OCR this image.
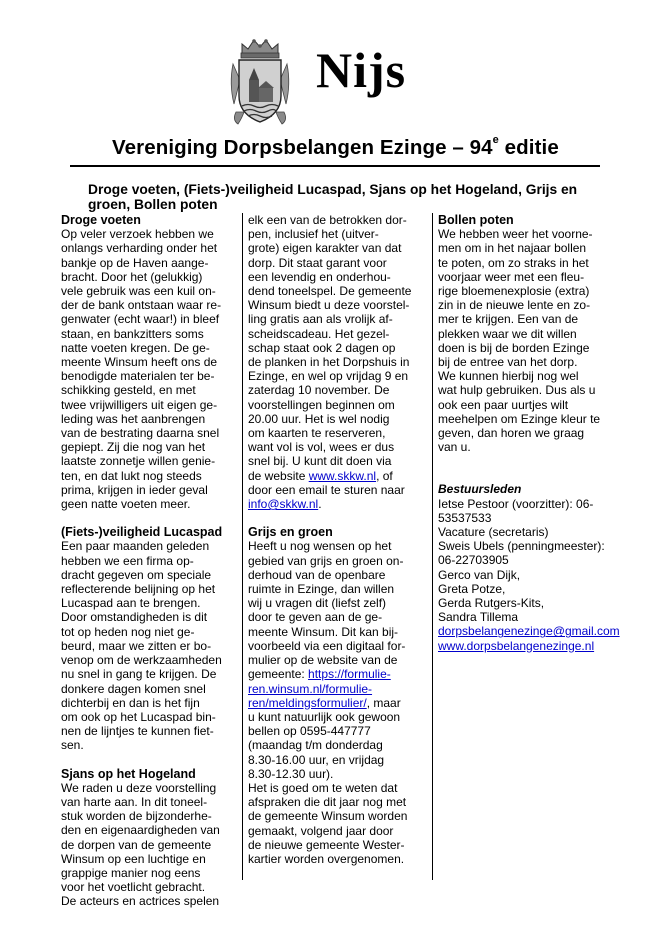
Nijs
Vereniging Dorpsbelangen Ezinge – 94e editie
Droge voeten, (Fiets-)veiligheid Lucaspad, Sjans op het Hogeland, Grijs en groen, Bollen poten

Droge voeten

Op veler verzoek hebben we
onlangs verharding onder het
bankje op de Haven aange-
bracht. Door het (gelukkig)
vele gebruik was een kuil on-
der de bank ontstaan waar re-
genwater (echt waar!) in bleef
staan, en bankzitters soms
natte voeten kregen. De ge-
meente Winsum heeft ons de
benodigde materialen ter be-
schikking gesteld, en met
twee vrijwilligers uit eigen ge-
leding was het aanbrengen
van de bestrating daarna snel
gepiept. Zij die nog van het
laatste zonnetje willen genie-
ten, en dat lukt nog steeds
prima, krijgen in ieder geval
geen natte voeten meer.

(Fiets-)veiligheid Lucaspad

Een paar maanden geleden
hebben we een firma op-
dracht gegeven om speciale
reflecterende belijning op het
Lucaspad aan te brengen.
Door omstandigheden is dit
tot op heden nog niet ge-
beurd, maar we zitten er bo-
venop om de werkzaamheden
nu snel in gang te krijgen. De
donkere dagen komen snel
dichterbij en dan is het fijn
om ook op het Lucaspad bin-
nen de lijntjes te kunnen fiet-
sen.

Sjans op het Hogeland

We raden u deze voorstelling
van harte aan. In dit toneel-
stuk worden de bijzonderhe-
den en eigenaardigheden van
de dorpen van de gemeente
Winsum op een luchtige en
grappige manier nog eens
voor het voetlicht gebracht.
De acteurs en actrices spelen
elk een van de betrokken dor-
pen, inclusief het (uitver-
grote) eigen karakter van dat
dorp. Dit staat garant voor
een levendig en onderhou-
dend toneelspel. De gemeente
Winsum biedt u deze voorstel-
ling gratis aan als vrolijk af-
scheidscadeau. Het gezel-
schap staat ook 2 dagen op
de planken in het Dorpshuis in
Ezinge, en wel op vrijdag 9 en
zaterdag 10 november. De
voorstellingen beginnen om
20.00 uur. Het is wel nodig
om kaarten te reserveren,
want vol is vol, wees er dus
snel bij. U kunt dit doen via

de website www.skkw.nl, of

door een email te sturen naar

info@skkw.nl.

Grijs en groen

Heeft u nog wensen op het
gebied van grijs en groen on-
derhoud van de openbare
ruimte in Ezinge, dan willen
wij u vragen dit (liefst zelf)
door te geven aan de ge-
meente Winsum. Dit kan bij-
voorbeeld via een digitaal for-
mulier op de website van de

gemeente: https://formulie-

ren.winsum.nl/formulie-

ren/meldingsformulier/, maar

u kunt natuurlijk ook gewoon
bellen op 0595-447777
(maandag t/m donderdag
8.30-16.00 uur, en vrijdag
8.30-12.30 uur).
Het is goed om te weten dat
afspraken die dit jaar nog met
de gemeente Winsum worden
gemaakt, volgend jaar door
de nieuwe gemeente Wester-
kartier worden overgenomen.

Bollen poten

We hebben weer het voorne-
men om in het najaar bollen
te poten, om zo straks in het
voorjaar weer met een fleu-
rige bloemenexplosie (extra)
zin in de nieuwe lente en zo-
mer te krijgen. Een van de
plekken waar we dit willen
doen is bij de borden Ezinge
bij de entree van het dorp.
We kunnen hierbij nog wel
wat hulp gebruiken. Dus als u
ook een paar uurtjes wilt
meehelpen om Ezinge kleur te
geven, dan horen we graag
van u.

Bestuursleden

Ietse Pestoor (voorzitter): 06-
53537533
Vacature (secretaris)
Sweis Ubels (penningmeester):
06-22703905
Gerco van Dijk,
Greta Potze,
Gerda Rutgers-Kits,
Sandra Tillema

dorpsbelangenezinge@gmail.com

www.dorpsbelangenezinge.nl
